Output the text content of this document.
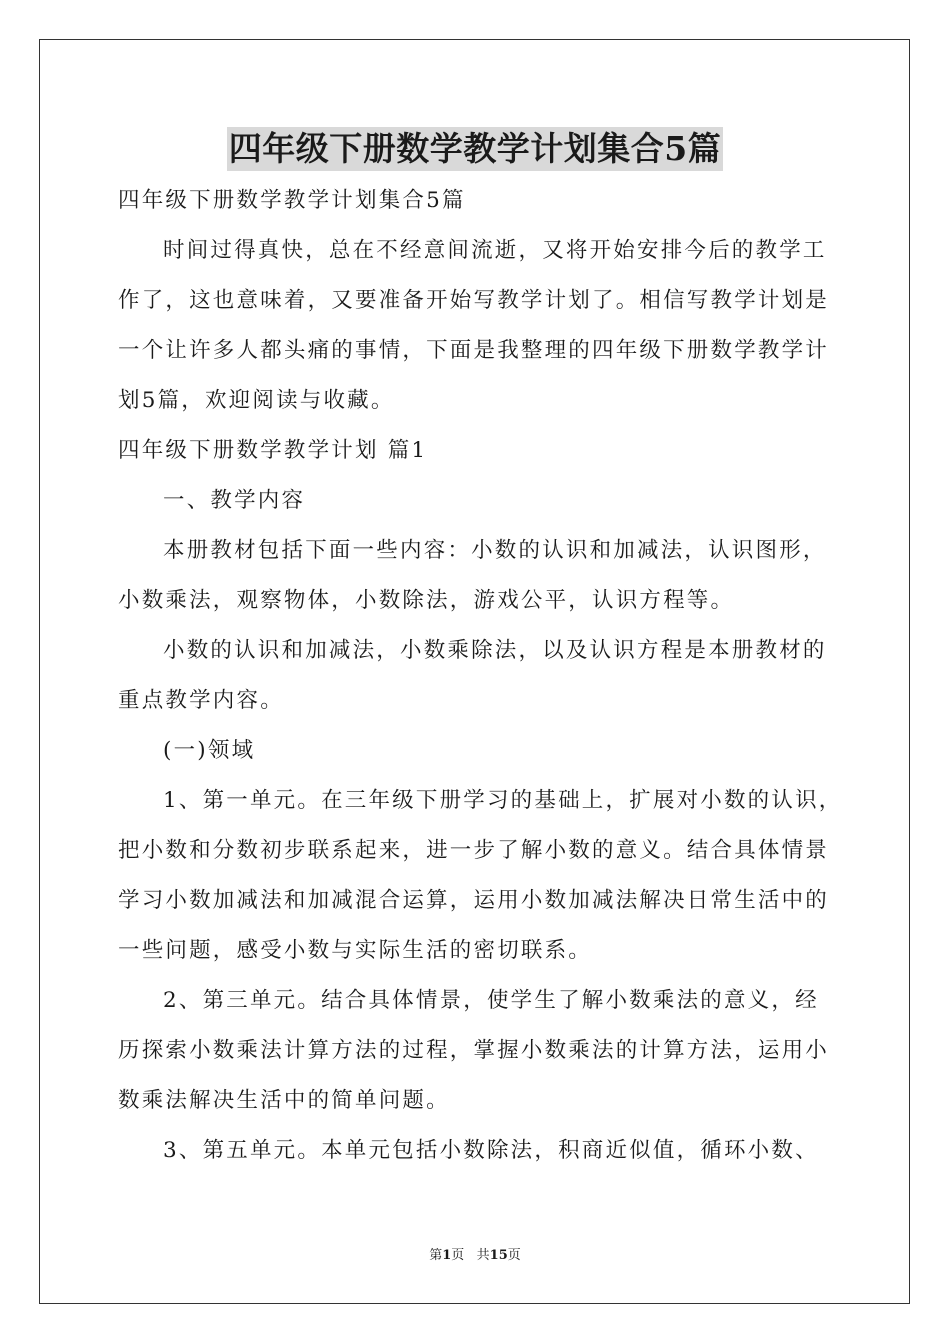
四年级下册数学教学计划集合5篇
四年级下册数学教学计划集合5篇
时间过得真快，总在不经意间流逝，又将开始安排今后的教学工
作了，这也意味着，又要准备开始写教学计划了。相信写教学计划是
一个让许多人都头痛的事情，下面是我整理的四年级下册数学教学计
划5篇，欢迎阅读与收藏。
四年级下册数学教学计划 篇1
一、教学内容
本册教材包括下面一些内容：小数的认识和加减法，认识图形，
小数乘法，观察物体，小数除法，游戏公平，认识方程等。
小数的认识和加减法，小数乘除法，以及认识方程是本册教材的
重点教学内容。
(一)领域
1、第一单元。在三年级下册学习的基础上，扩展对小数的认识，
把小数和分数初步联系起来，进一步了解小数的意义。结合具体情景
学习小数加减法和加减混合运算，运用小数加减法解决日常生活中的
一些问题，感受小数与实际生活的密切联系。
2、第三单元。结合具体情景，使学生了解小数乘法的意义，经
历探索小数乘法计算方法的过程，掌握小数乘法的计算方法，运用小
数乘法解决生活中的简单问题。
3、第五单元。本单元包括小数除法，积商近似值，循环小数、
第1页   共15页
